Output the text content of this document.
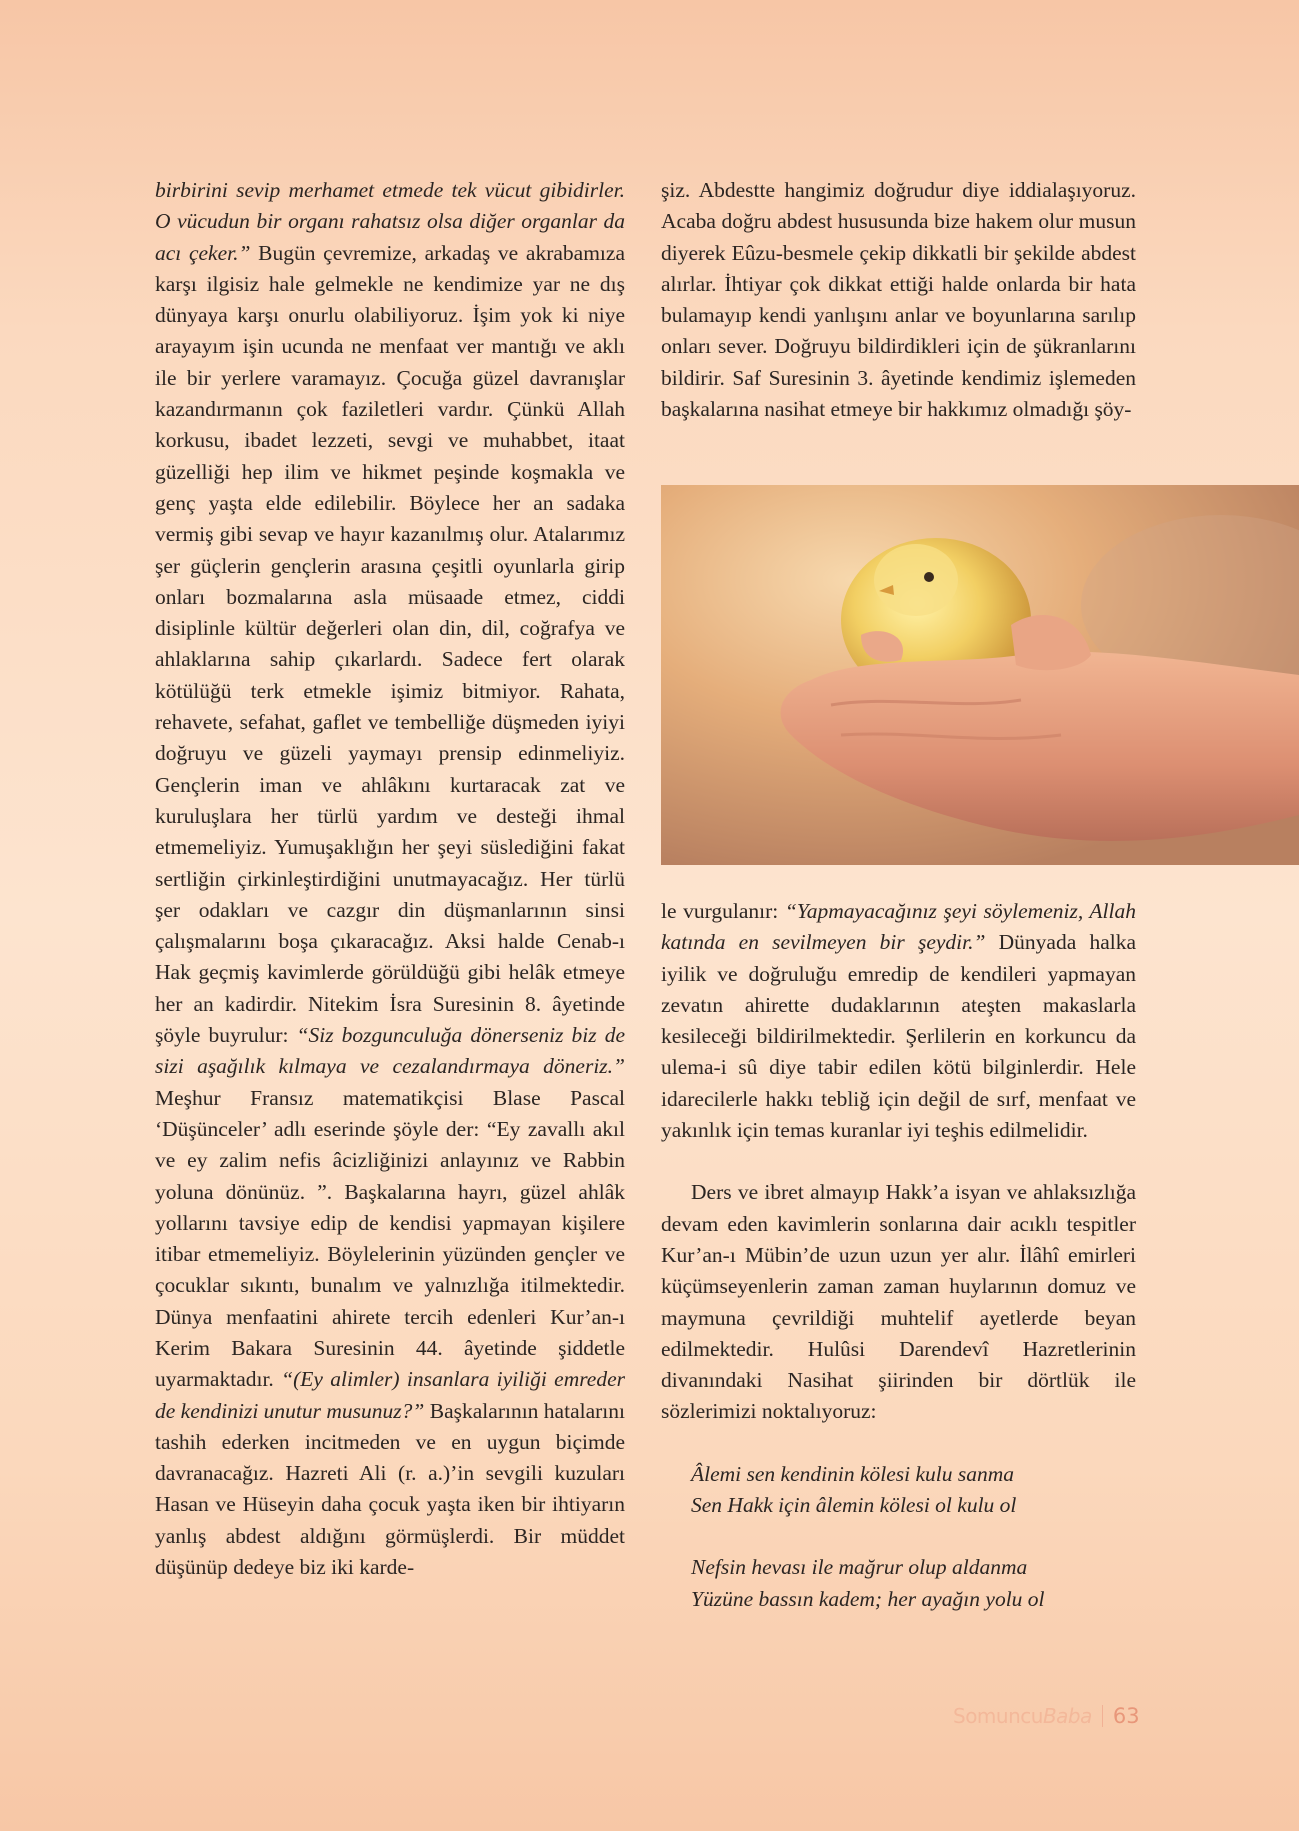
birbirini sevip merhamet etmede tek vücut gibidirler. O vücudun bir organı rahatsız olsa diğer organlar da acı çeker.” Bugün çevremize, arkadaş ve akrabamıza karşı ilgisiz hale gelmekle ne kendimize yar ne dış dünyaya karşı onurlu olabiliyoruz. İşim yok ki niye arayayım işin ucunda ne menfaat ver mantığı ve aklı ile bir yerlere varamayız. Çocuğa güzel davranışlar kazandırmanın çok faziletleri vardır. Çünkü Allah korkusu, ibadet lezzeti, sevgi ve muhabbet, itaat güzelliği hep ilim ve hikmet peşinde koşmakla ve genç yaşta elde edilebilir. Böylece her an sadaka vermiş gibi sevap ve hayır kazanılmış olur. Atalarımız şer güçlerin gençlerin arasına çeşitli oyunlarla girip onları bozmalarına asla müsaade etmez, ciddi disiplinle kültür değerleri olan din, dil, coğrafya ve ahlaklarına sahip çıkarlardı. Sadece fert olarak kötülüğü terk etmekle işimiz bitmiyor. Rahata, rehavete, sefahat, gaflet ve tembelliğe düşmeden iyiyi doğruyu ve güzeli yaymayı prensip edinmeliyiz. Gençlerin iman ve ahlâkını kurtaracak zat ve kuruluşlara her türlü yardım ve desteği ihmal etmemeliyiz. Yumuşaklığın her şeyi süslediğini fakat sertliğin çirkinleştirdiğini unutmayacağız. Her türlü şer odakları ve cazgır din düşmanlarının sinsi çalışmalarını boşa çıkaracağız. Aksi halde Cenab-ı Hak geçmiş kavimlerde görüldüğü gibi helâk etmeye her an kadirdir. Nitekim İsra Suresinin 8. âyetinde şöyle buyrulur: “Siz bozgunculuğa dönerseniz biz de sizi aşağılık kılmaya ve cezalandırmaya döneriz.” Meşhur Fransız matematikçisi Blase Pascal ‘Düşünceler’ adlı eserinde şöyle der: “Ey zavallı akıl ve ey zalim nefis âcizliğinizi anlayınız ve Rabbin yoluna dönünüz. ”. Başkalarına hayrı, güzel ahlâk yollarını tavsiye edip de kendisi yapmayan kişilere itibar etmemeliyiz. Böylelerinin yüzünden gençler ve çocuklar sıkıntı, bunalım ve yalnızlığa itilmektedir. Dünya menfaatini ahirete tercih edenleri Kur’an-ı Kerim Bakara Suresinin 44. âyetinde şiddetle uyarmaktadır. “(Ey alimler) insanlara iyiliği emreder de kendinizi unutur musunuz?” Başkalarının hatalarını tashih ederken incitmeden ve en uygun biçimde davranacağız. Hazreti Ali (r. a.)’in sevgili kuzuları Hasan ve Hüseyin daha çocuk yaşta iken bir ihtiyarın yanlış abdest aldığını görmüşlerdi. Bir müddet düşünüp dedeye biz iki karde-

şiz. Abdestte hangimiz doğrudur diye iddialaşıyoruz. Acaba doğru abdest hususunda bize hakem olur musun diyerek Eûzu-besmele çekip dikkatli bir şekilde abdest alırlar. İhtiyar çok dikkat ettiği halde onlarda bir hata bulamayıp kendi yanlışını anlar ve boyunlarına sarılıp onları sever. Doğruyu bildirdikleri için de şükranlarını bildirir. Saf Suresinin 3. âyetinde kendimiz işlemeden başkalarına nasihat etmeye bir hakkımız olmadığı şöy-

le vurgulanır: “Yapmayacağınız şeyi söylemeniz, Allah katında en sevilmeyen bir şeydir.” Dünyada halka iyilik ve doğruluğu emredip de kendileri yapmayan zevatın ahirette dudaklarının ateşten makaslarla kesileceği bildirilmektedir. Şerlilerin en korkuncu da ulema-i sû diye tabir edilen kötü bilginlerdir. Hele idarecilerle hakkı tebliğ için değil de sırf, menfaat ve yakınlık için temas kuranlar iyi teşhis edilmelidir.

Ders ve ibret almayıp Hakk’a isyan ve ahlaksızlığa devam eden kavimlerin sonlarına dair acıklı tespitler Kur’an-ı Mübin’de uzun uzun yer alır. İlâhî emirleri küçümseyenlerin zaman zaman huylarının domuz ve maymuna çevrildiği muhtelif ayetlerde beyan edilmektedir. Hulûsi Darendevî Hazretlerinin divanındaki Nasihat şiirinden bir dörtlük ile sözlerimizi noktalıyoruz:

Âlemi sen kendinin kölesi kulu sanma
Sen Hakk için âlemin kölesi ol kulu ol
Nefsin hevası ile mağrur olup aldanma
Yüzüne bassın kadem; her ayağın yolu ol
Somuncu Baba 63
